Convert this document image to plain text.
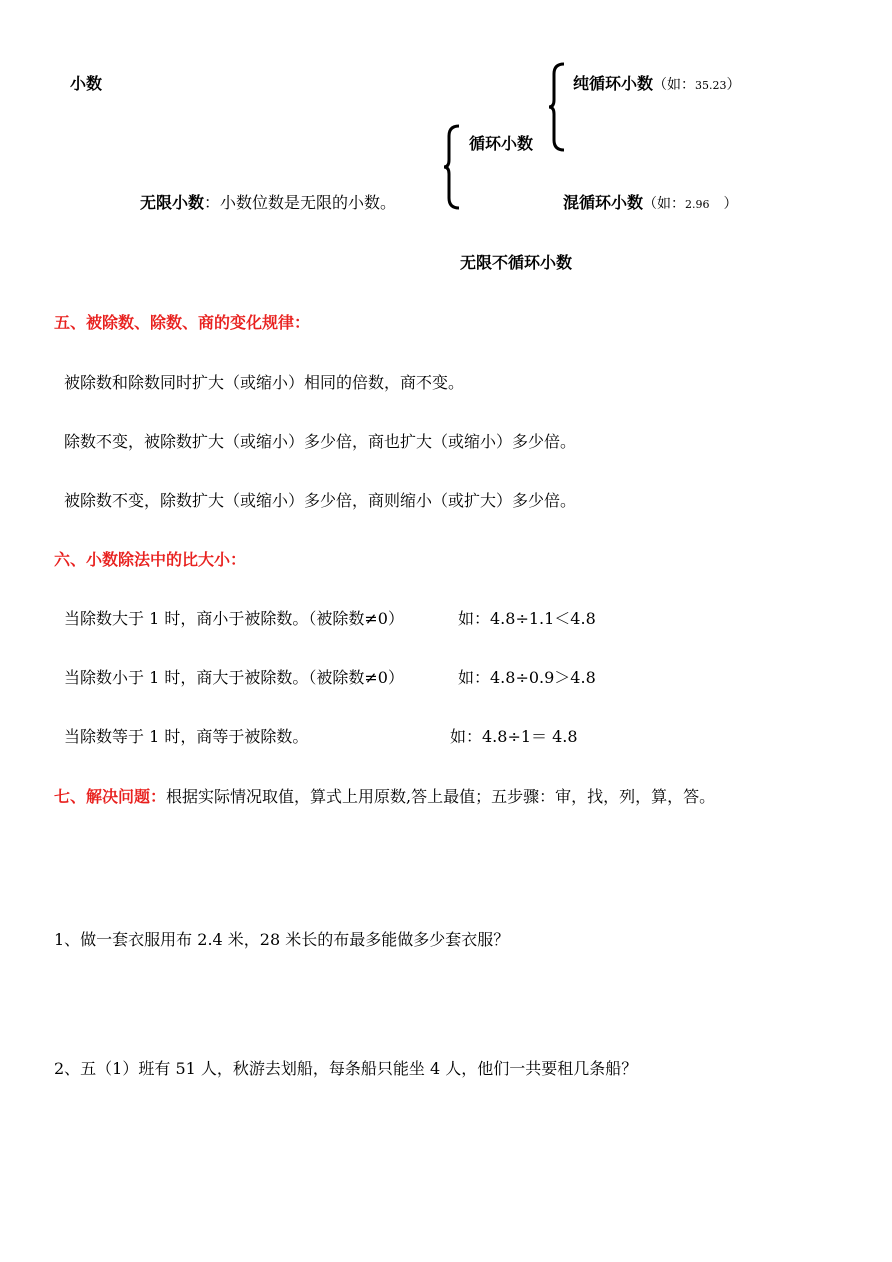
小数	纯循环小数（如：35.23）
循环小数
无限小数：小数位数是无限的小数。	混循环小数（如：2.96 ）
无限不循环小数
五、被除数、除数、商的变化规律：
被除数和除数同时扩大（或缩小）相同的倍数，商不变。
除数不变，被除数扩大（或缩小）多少倍，商也扩大（或缩小）多少倍。
被除数不变，除数扩大（或缩小）多少倍，商则缩小（或扩大）多少倍。
六、小数除法中的比大小：
当除数大于 1 时，商小于被除数。（被除数≠0）	如：4.8÷1.1＜4.8
当除数小于 1 时，商大于被除数。（被除数≠0）	如：4.8÷0.9＞4.8
当除数等于 1 时，商等于被除数。	如：4.8÷1＝ 4.8
七、解决问题：根据实际情况取值，算式上用原数,答上最值；五步骤：审，找，列，算，答。
1、做一套衣服用布 2.4 米，28 米长的布最多能做多少套衣服？
2、五（1）班有 51 人，秋游去划船，每条船只能坐 4 人，他们一共要租几条船？
